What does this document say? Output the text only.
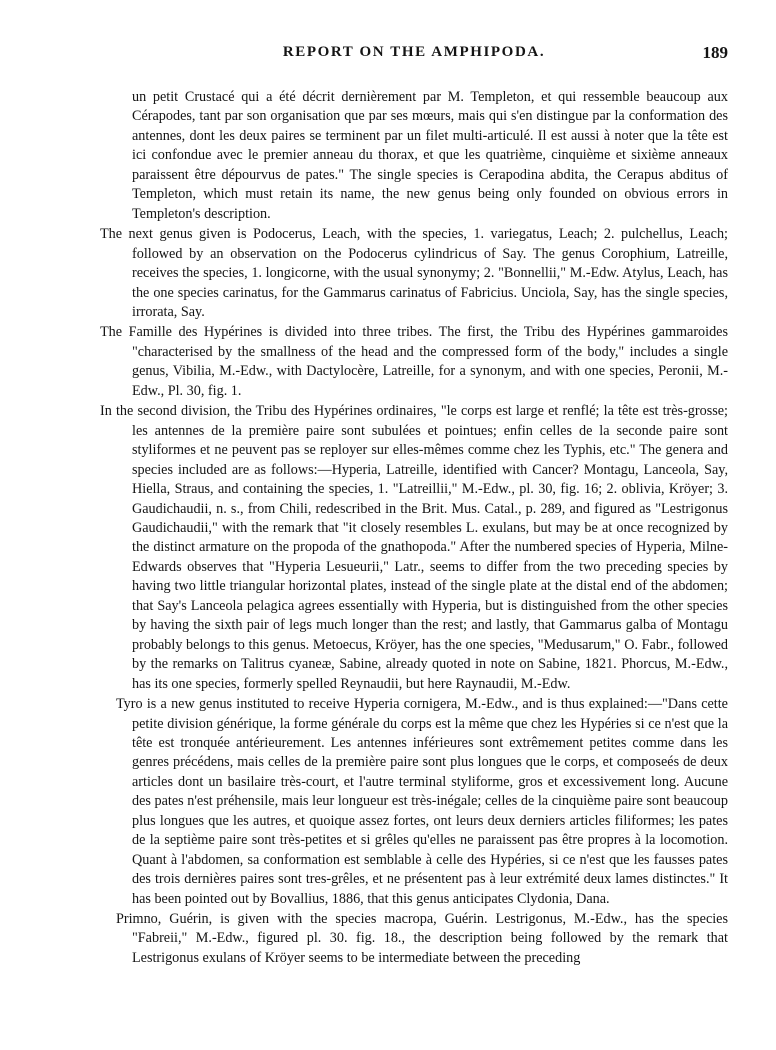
REPORT ON THE AMPHIPODA.	189

un petit Crustacé qui a été décrit dernièrement par M. Templeton, et qui ressemble beaucoup aux Cérapodes, tant par son organisation que par ses mœurs, mais qui s'en distingue par la conformation des antennes, dont les deux paires se terminent par un filet multi-articulé. Il est aussi à noter que la tête est ici confondue avec le premier anneau du thorax, et que les quatrième, cinquième et sixième anneaux paraissent être dépourvus de pates." The single species is Cerapodina abdita, the Cerapus abditus of Templeton, which must retain its name, the new genus being only founded on obvious errors in Templeton's description.

The next genus given is Podocerus, Leach, with the species, 1. variegatus, Leach; 2. pulchellus, Leach; followed by an observation on the Podocerus cylindricus of Say. The genus Corophium, Latreille, receives the species, 1. longicorne, with the usual synonymy; 2. "Bonnellii," M.-Edw. Atylus, Leach, has the one species carinatus, for the Gammarus carinatus of Fabricius. Unciola, Say, has the single species, irrorata, Say.

The Famille des Hypérines is divided into three tribes. The first, the Tribu des Hypérines gammaroides "characterised by the smallness of the head and the compressed form of the body," includes a single genus, Vibilia, M.-Edw., with Dactylocère, Latreille, for a synonym, and with one species, Peronii, M.-Edw., Pl. 30, fig. 1.

In the second division, the Tribu des Hypérines ordinaires, "le corps est large et renflé; la tête est très-grosse; les antennes de la première paire sont subulées et pointues; enfin celles de la seconde paire sont styliformes et ne peuvent pas se reployer sur elles-mêmes comme chez les Typhis, etc." The genera and species included are as follows:—Hyperia, Latreille, identified with Cancer? Montagu, Lanceola, Say, Hiella, Straus, and containing the species, 1. "Latreillii," M.-Edw., pl. 30, fig. 16; 2. oblivia, Kröyer; 3. Gaudichaudii, n. s., from Chili, redescribed in the Brit. Mus. Catal., p. 289, and figured as "Lestrigonus Gaudichaudii," with the remark that "it closely resembles L. exulans, but may be at once recognized by the distinct armature on the propoda of the gnathopoda." After the numbered species of Hyperia, Milne-Edwards observes that "Hyperia Lesueurii," Latr., seems to differ from the two preceding species by having two little triangular horizontal plates, instead of the single plate at the distal end of the abdomen; that Say's Lanceola pelagica agrees essentially with Hyperia, but is distinguished from the other species by having the sixth pair of legs much longer than the rest; and lastly, that Gammarus galba of Montagu probably belongs to this genus. Metoecus, Kröyer, has the one species, "Medusarum," O. Fabr., followed by the remarks on Talitrus cyaneæ, Sabine, already quoted in note on Sabine, 1821. Phorcus, M.-Edw., has its one species, formerly spelled Reynaudii, but here Raynaudii, M.-Edw.

Tyro is a new genus instituted to receive Hyperia cornigera, M.-Edw., and is thus explained:—"Dans cette petite division générique, la forme générale du corps est la même que chez les Hypéries si ce n'est que la tête est tronquée antérieurement. Les antennes inférieures sont extrêmement petites comme dans les genres précédens, mais celles de la première paire sont plus longues que le corps, et composeés de deux articles dont un basilaire très-court, et l'autre terminal styliforme, gros et excessivement long. Aucune des pates n'est préhensile, mais leur longueur est très-inégale; celles de la cinquième paire sont beaucoup plus longues que les autres, et quoique assez fortes, ont leurs deux derniers articles filiformes; les pates de la septième paire sont très-petites et si grêles qu'elles ne paraissent pas être propres à la locomotion. Quant à l'abdomen, sa conformation est semblable à celle des Hypéries, si ce n'est que les fausses pates des trois dernières paires sont tres-grêles, et ne présentent pas à leur extrémité deux lames distinctes." It has been pointed out by Bovallius, 1886, that this genus anticipates Clydonia, Dana.

Primno, Guérin, is given with the species macropa, Guérin. Lestrigonus, M.-Edw., has the species "Fabreii," M.-Edw., figured pl. 30. fig. 18., the description being followed by the remark that Lestrigonus exulans of Kröyer seems to be intermediate between the preceding
